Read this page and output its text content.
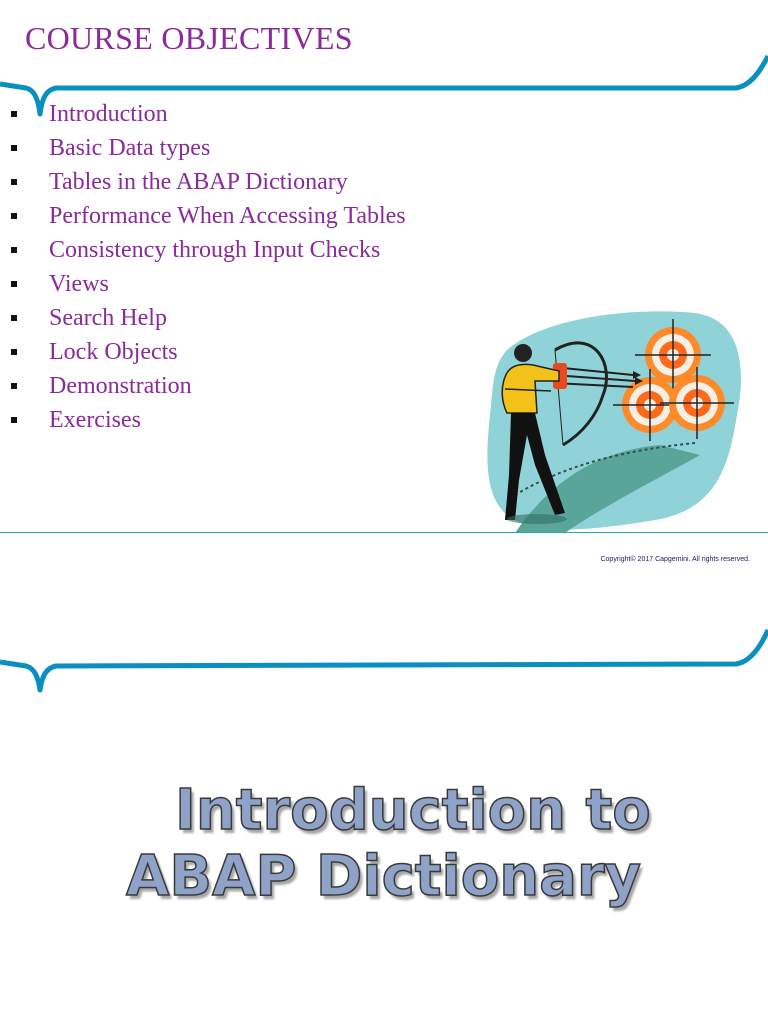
COURSE OBJECTIVES
Introduction
Basic Data types
Tables in the ABAP Dictionary
Performance When Accessing Tables
Consistency through Input Checks
Views
Search Help
Lock Objects
Demonstration
Exercises
Copyright© 2017 Capgemini. All rights reserved.
Introduction to
ABAP Dictionary
